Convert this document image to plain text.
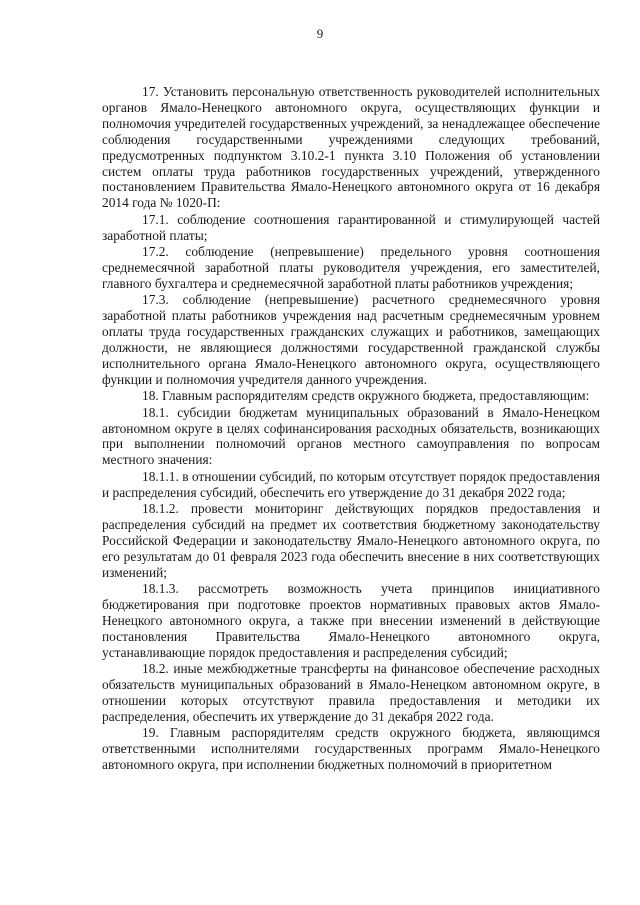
9

17. Установить персональную ответственность руководителей исполнительных органов Ямало-Ненецкого автономного округа, осуществляющих функции и полномочия учредителей государственных учреждений, за ненадлежащее обеспечение соблюдения государственными учреждениями следующих требований, предусмотренных подпунктом 3.10.2-1 пункта 3.10 Положения об установлении систем оплаты труда работников государственных учреждений, утвержденного постановлением Правительства Ямало-Ненецкого автономного округа от 16 декабря 2014 года № 1020-П:

17.1. соблюдение соотношения гарантированной и стимулирующей частей заработной платы;

17.2. соблюдение (непревышение) предельного уровня соотношения среднемесячной заработной платы руководителя учреждения, его заместителей, главного бухгалтера и среднемесячной заработной платы работников учреждения;

17.3. соблюдение (непревышение) расчетного среднемесячного уровня заработной платы работников учреждения над расчетным среднемесячным уровнем оплаты труда государственных гражданских служащих и работников, замещающих должности, не являющиеся должностями государственной гражданской службы исполнительного органа Ямало-Ненецкого автономного округа, осуществляющего функции и полномочия учредителя данного учреждения.

18. Главным распорядителям средств окружного бюджета, предоставляющим:

18.1. субсидии бюджетам муниципальных образований в Ямало-Ненецком автономном округе в целях софинансирования расходных обязательств, возникающих при выполнении полномочий органов местного самоуправления по вопросам местного значения:

18.1.1. в отношении субсидий, по которым отсутствует порядок предоставления и распределения субсидий, обеспечить его утверждение до 31 декабря 2022 года;

18.1.2. провести мониторинг действующих порядков предоставления и распределения субсидий на предмет их соответствия бюджетному законодательству Российской Федерации и законодательству Ямало-Ненецкого автономного округа, по его результатам до 01 февраля 2023 года обеспечить внесение в них соответствующих изменений;

18.1.3. рассмотреть возможность учета принципов инициативного бюджетирования при подготовке проектов нормативных правовых актов Ямало-Ненецкого автономного округа, а также при внесении изменений в действующие постановления Правительства Ямало-Ненецкого автономного округа, устанавливающие порядок предоставления и распределения субсидий;

18.2. иные межбюджетные трансферты на финансовое обеспечение расходных обязательств муниципальных образований в Ямало-Ненецком автономном округе, в отношении которых отсутствуют правила предоставления и методики их распределения, обеспечить их утверждение до 31 декабря 2022 года.

19. Главным распорядителям средств окружного бюджета, являющимся ответственными исполнителями государственных программ Ямало-Ненецкого автономного округа, при исполнении бюджетных полномочий в приоритетном
